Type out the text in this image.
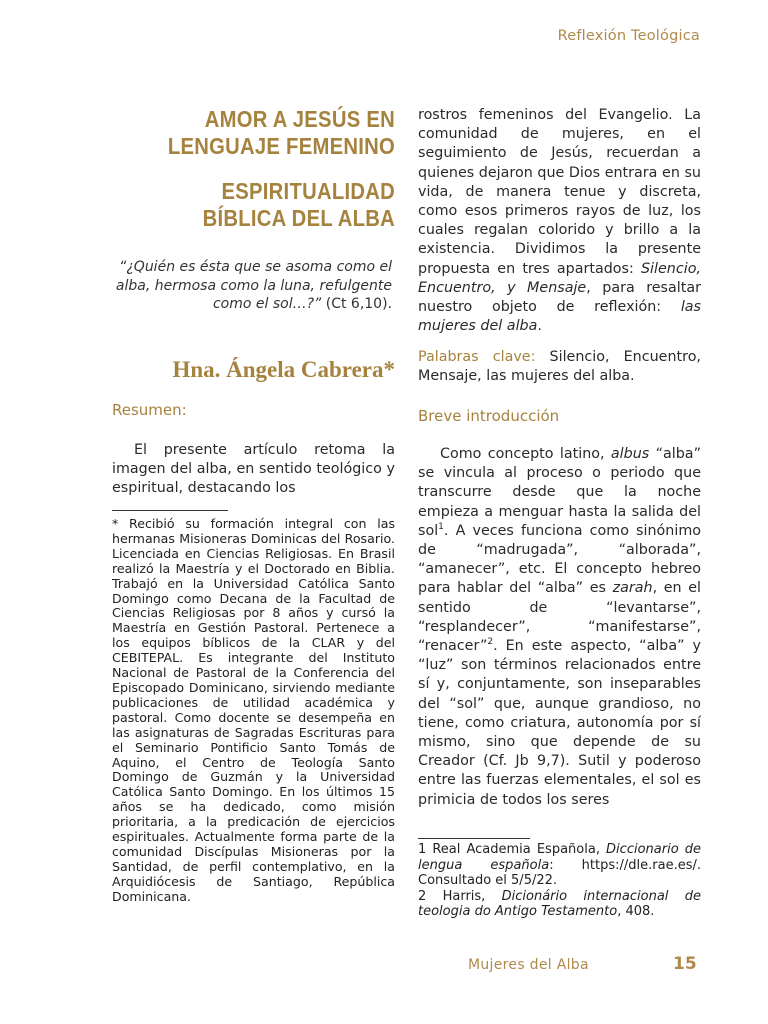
Reflexión Teológica
AMOR A JESÚS EN LENGUAJE FEMENINO
ESPIRITUALIDAD BÍBLICA DEL ALBA
“¿Quién es ésta que se asoma como el alba, hermosa como la luna, refulgente como el sol…?” (Ct 6,10).
Hna. Ángela Cabrera*
Resumen:
El presente artículo retoma la imagen del alba, en sentido teológico y espiritual, destacando los
* Recibió su formación integral con las hermanas Misioneras Dominicas del Rosario. Licenciada en Ciencias Religiosas. En Brasil realizó la Maestría y el Doctorado en Biblia. Trabajó en la Universidad Católica Santo Domingo como Decana de la Facultad de Ciencias Religiosas por 8 años y cursó la Maestría en Gestión Pastoral. Pertenece a los equipos bíblicos de la CLAR y del CEBITEPAL. Es integrante del Instituto Nacional de Pastoral de la Conferencia del Episcopado Dominicano, sirviendo mediante publicaciones de utilidad académica y pastoral. Como docente se desempeña en las asignaturas de Sagradas Escrituras para el Seminario Pontificio Santo Tomás de Aquino, el Centro de Teología Santo Domingo de Guzmán y la Universidad Católica Santo Domingo. En los últimos 15 años se ha dedicado, como misión prioritaria, a la predicación de ejercicios espirituales. Actualmente forma parte de la comunidad Discípulas Misioneras por la Santidad, de perfil contemplativo, en la Arquidiócesis de Santiago, República Dominicana.
rostros femeninos del Evangelio. La comunidad de mujeres, en el seguimiento de Jesús, recuerdan a quienes dejaron que Dios entrara en su vida, de manera tenue y discreta, como esos primeros rayos de luz, los cuales regalan colorido y brillo a la existencia. Dividimos la presente propuesta en tres apartados: Silencio, Encuentro, y Mensaje, para resaltar nuestro objeto de reflexión: las mujeres del alba.
Palabras clave: Silencio, Encuentro, Mensaje, las mujeres del alba.
Breve introducción
Como concepto latino, albus “alba” se vincula al proceso o periodo que transcurre desde que la noche empieza a menguar hasta la salida del sol$^1$. A veces funciona como sinónimo de “madrugada”, “alborada”, “amanecer”, etc. El concepto hebreo para hablar del “alba” es zarah, en el sentido de “levantarse”, “resplandecer”, “manifestarse”, “renacer”$^2$. En este aspecto, “alba” y “luz” son términos relacionados entre sí y, conjuntamente, son inseparables del “sol” que, aunque grandioso, no tiene, como criatura, autonomía por sí mismo, sino que depende de su Creador (Cf. Jb 9,7). Sutil y poderoso entre las fuerzas elementales, el sol es primicia de todos los seres
1 Real Academia Española, Diccionario de lengua española: https://dle.rae.es/. Consultado el 5/5/22.
2 Harris, Dicionário internacional de teologia do Antigo Testamento, 408.
Mujeres del Alba	15
